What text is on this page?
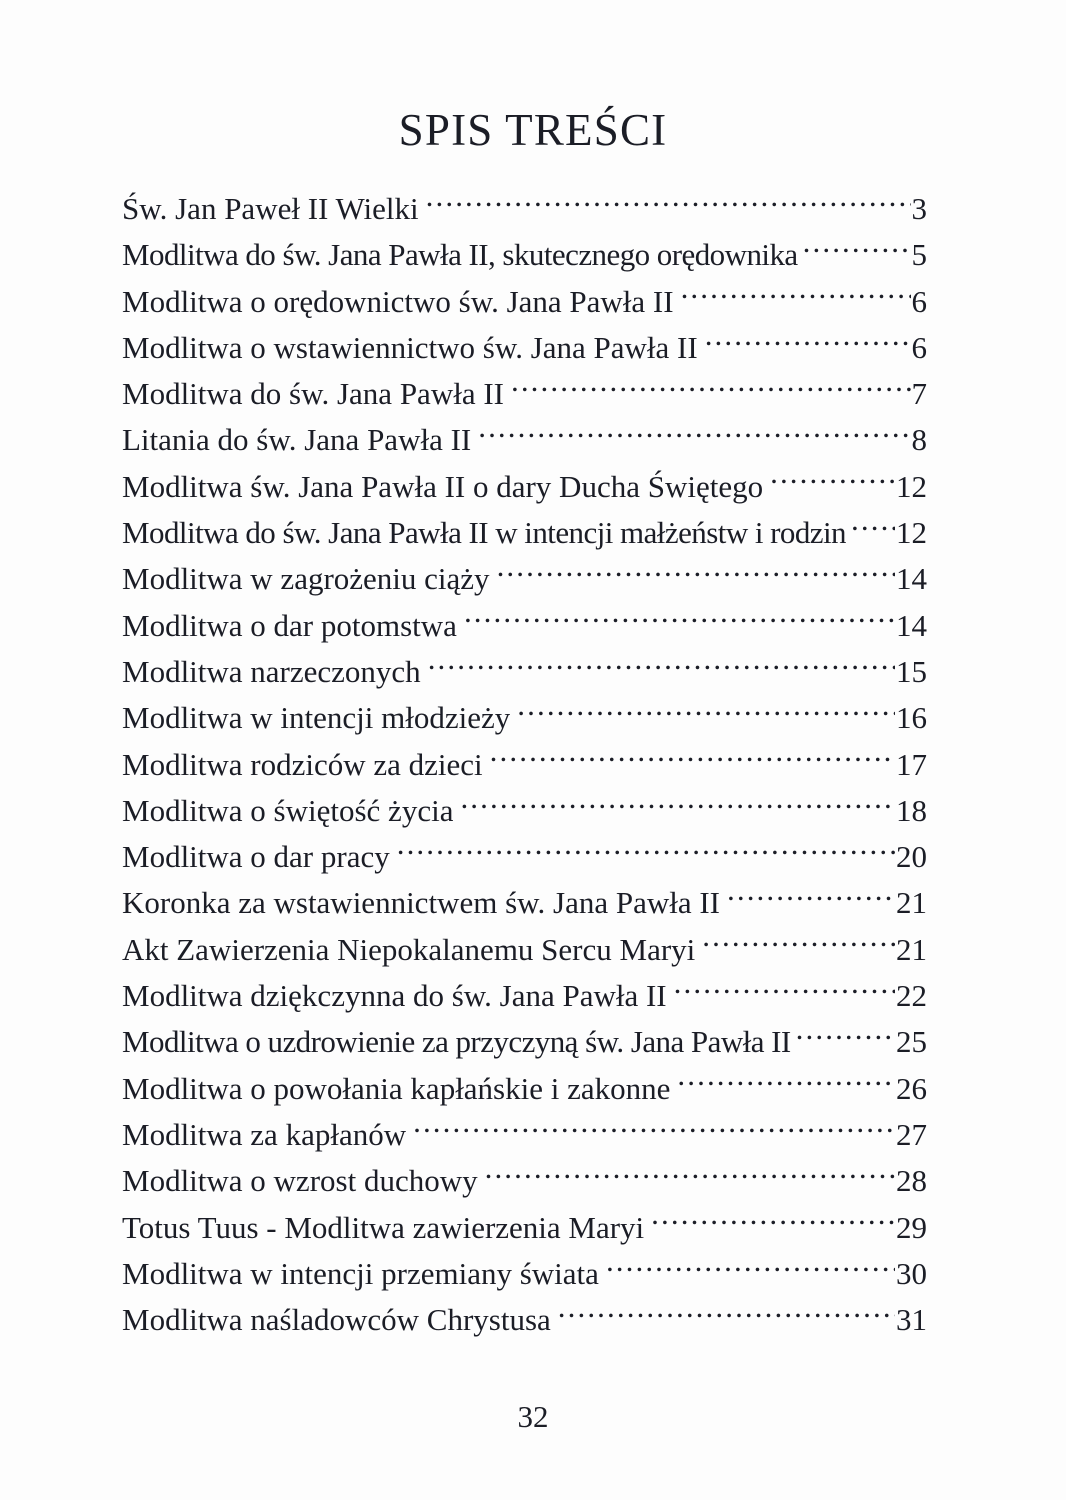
SPIS TREŚCI
Św. Jan Paweł II Wielki .....	3
Modlitwa do św. Jana Pawła II, skutecznego orędownika .....	5
Modlitwa o orędownictwo św. Jana Pawła II .....	6
Modlitwa o wstawiennictwo św. Jana Pawła II .....	6
Modlitwa do św. Jana Pawła II .....	7
Litania do św. Jana Pawła II .....	8
Modlitwa św. Jana Pawła II o dary Ducha Świętego .....	12
Modlitwa do św. Jana Pawła II w intencji małżeństw i rodzin ..... 12
Modlitwa w zagrożeniu ciąży .....	14
Modlitwa o dar potomstwa .....	14
Modlitwa narzeczonych .....	15
Modlitwa w intencji młodzieży .....	16
Modlitwa rodziców za dzieci .....	17
Modlitwa o świętość życia .....	18
Modlitwa o dar pracy .....	20
Koronka za wstawiennictwem św. Jana Pawła II .....	21
Akt Zawierzenia Niepokalanemu Sercu Maryi .....	21
Modlitwa dziękczynna do św. Jana Pawła II .....	22
Modlitwa o uzdrowienie za przyczyną św. Jana Pawła II .....	25
Modlitwa o powołania kapłańskie i zakonne .....	26
Modlitwa za kapłanów .....	27
Modlitwa o wzrost duchowy .....	28
Totus Tuus - Modlitwa zawierzenia Maryi .....	29
Modlitwa w intencji przemiany świata .....	30
Modlitwa naśladowców Chrystusa .....	31
32
